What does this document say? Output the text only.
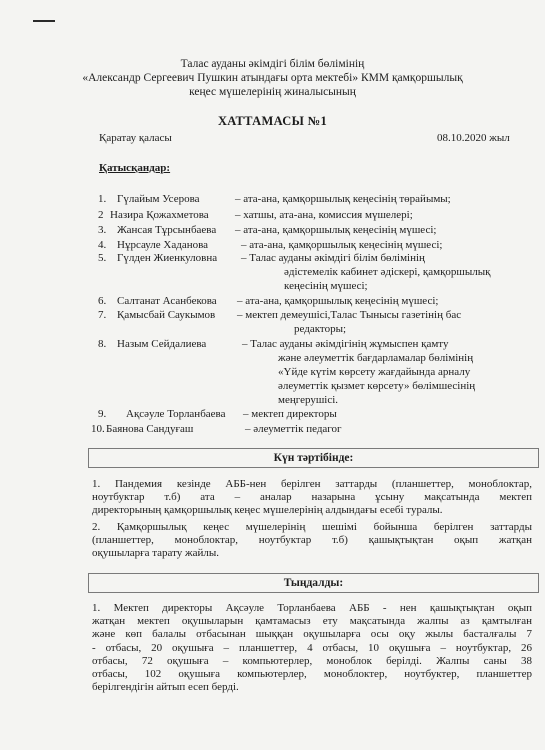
Талас ауданы әкімдігі білім бөлімінің
«Александр Сергеевич Пушкин атындағы орта мектебі» КММ қамқоршылық
кеңес мүшелерінің жиналысының
ХАТТАМАСЫ №1
Қаратау қаласы	08.10.2020 жыл
Қатысқандар:
1. Гүлайым Усерова	– ата-ана, қамқоршылық кеңесінің төрайымы;
2 Назира Қожахметова – хатшы, ата-ана, комиссия мүшелері;
3. Жансая Тұрсынбаева – ата-ана, қамқоршылық кеңесінің мүшесі;
4. Нұрсауле Хаданова	– ата-ана, қамқоршылық кеңесінің мүшесі;
5. Гүлден Жиенкуловна – Талас ауданы әкімдігі білім бөлімінің
әдістемелік кабинет әдіскері, қамқоршылық
кеңесінің мүшесі;
6. Салтанат Асанбекова – ата-ана, қамқоршылық кеңесінің мүшесі;
7. Қамысбай Саукымов – мектеп демеушісі,Талас Тынысы газетінің бас
редакторы;
8. Назым Сейдалиева	– Талас ауданы әкімдігінің жұмыспен қамту
және әлеуметтік бағдарламалар бөлімінің
«Үйде күтім көрсету жағдайында арналу
әлеуметтік қызмет көрсету» бөлімшесінің
меңгерушісі.
9. Ақсәуле Торланбаева – мектеп директоры
10. Баянова Сандуғаш	– әлеуметтік педагог
Күн тәртібінде:
1. Пандемия кезінде АББ-нен берілген заттарды (планшеттер, моноблоктар,
ноутбуктар т.б) ата – аналар назарына ұсыну мақсатында мектеп
директорының қамқоршылық кеңес мүшелерінің алдындағы есебі туралы.
2. Қамқоршылық кеңес мүшелерінің шешімі бойынша берілген заттарды
(планшеттер, моноблоктар, ноутбуктар т.б) қашықтықтан оқып жатқан
оқушыларға тарату жайлы.
Тыңдалды:
1. Мектеп директоры Ақсәуле Торланбаева АББ - нен қашықтықтан оқып
жатқан мектеп оқушыларын қамтамасыз ету мақсатында жалпы аз қамтылған
және көп балалы отбасынан шыққан оқушыларға осы оқу жылы басталғалы 7
- отбасы, 20 оқушыға – планшеттер, 4 отбасы, 10 оқушыға – ноутбуктар, 26
отбасы, 72 оқушыға – компьютерлер, моноблок берілді. Жалпы саны 38
отбасы, 102 оқушыға компьютерлер, моноблоктер, ноутбуктер, планшеттер
берілгендігін айтып есеп берді.
